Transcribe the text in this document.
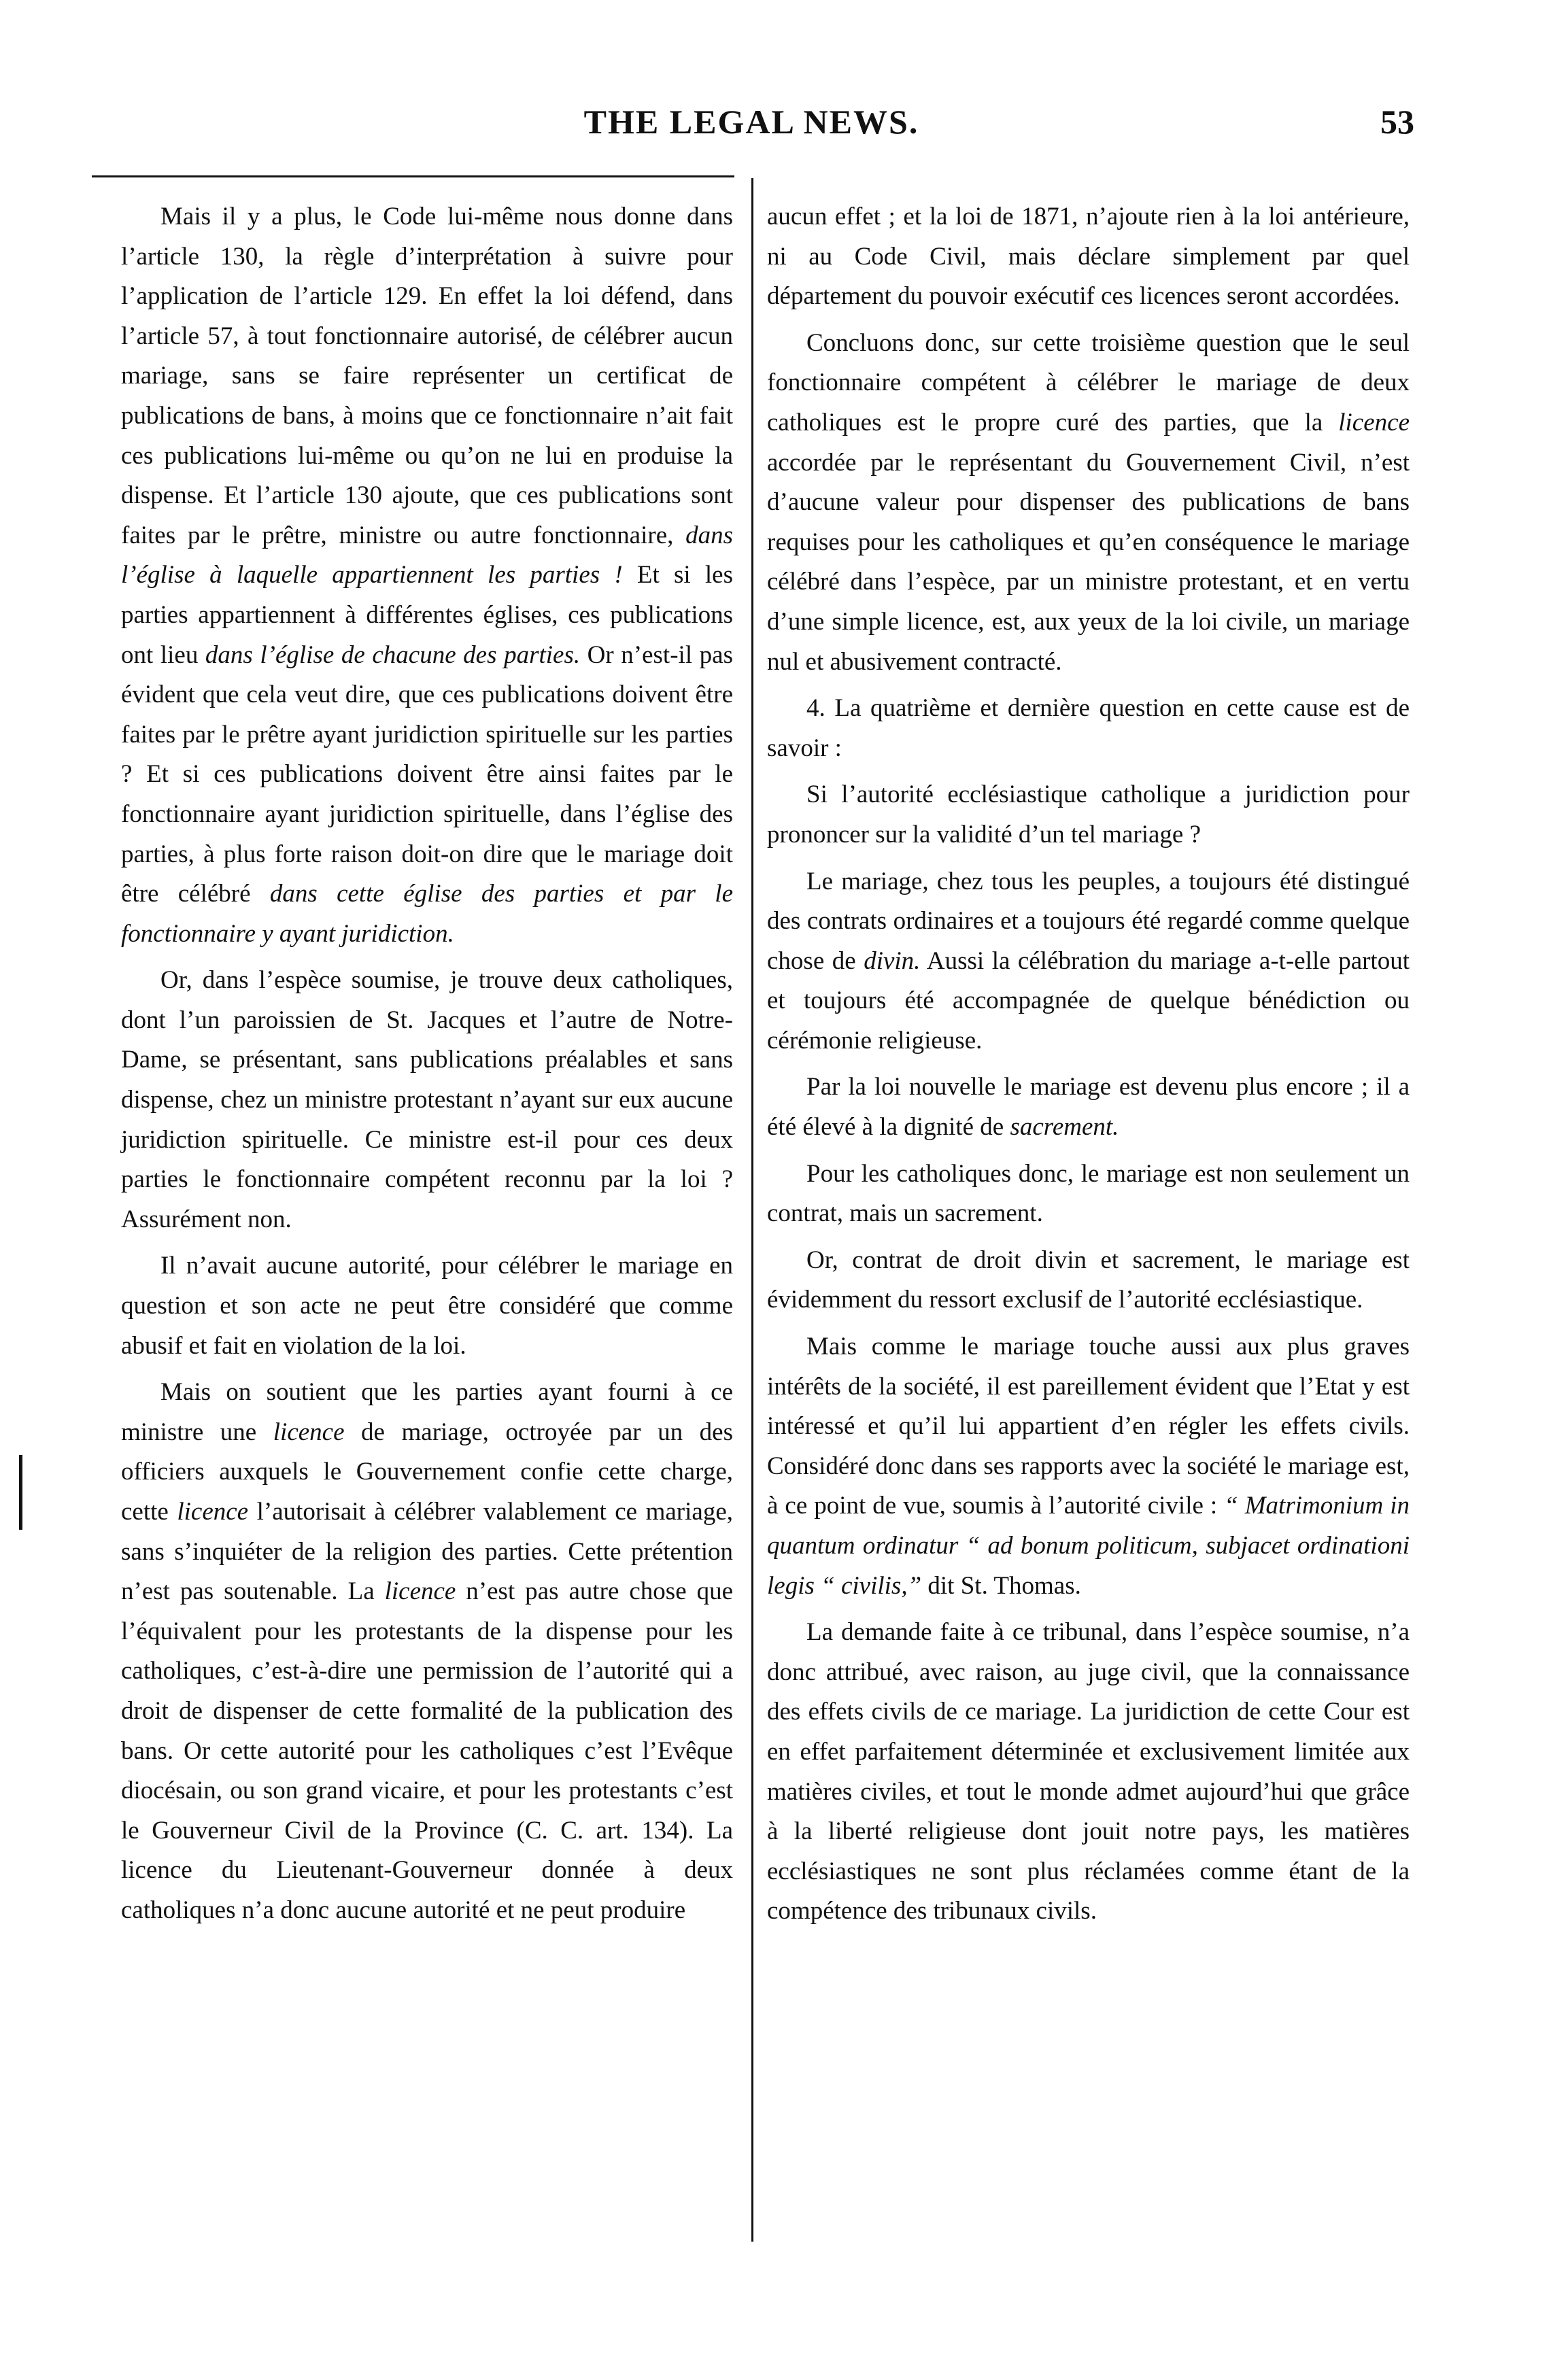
THE LEGAL NEWS.	53

Mais il y a plus, le Code lui-même nous donne dans l’article 130, la règle d’interprétation à suivre pour l’application de l’article 129. En effet la loi défend, dans l’article 57, à tout fonctionnaire autorisé, de célébrer aucun mariage, sans se faire représenter un certificat de publications de bans, à moins que ce fonctionnaire n’ait fait ces publications lui-même ou qu’on ne lui en produise la dispense. Et l’article 130 ajoute, que ces publications sont faites par le prêtre, ministre ou autre fonctionnaire, dans l’église à laquelle appartiennent les parties ! Et si les parties appartiennent à différentes églises, ces publications ont lieu dans l’église de chacune des parties. Or n’est-il pas évident que cela veut dire, que ces publications doivent être faites par le prêtre ayant juridiction spirituelle sur les parties ? Et si ces publications doivent être ainsi faites par le fonctionnaire ayant juridiction spirituelle, dans l’église des parties, à plus forte raison doit-on dire que le mariage doit être célébré dans cette église des parties et par le fonctionnaire y ayant juridiction.

Or, dans l’espèce soumise, je trouve deux catholiques, dont l’un paroissien de St. Jacques et l’autre de Notre-Dame, se présentant, sans publications préalables et sans dispense, chez un ministre protestant n’ayant sur eux aucune juridiction spirituelle. Ce ministre est-il pour ces deux parties le fonctionnaire compétent reconnu par la loi ? Assurément non.

Il n’avait aucune autorité, pour célébrer le mariage en question et son acte ne peut être considéré que comme abusif et fait en violation de la loi.

Mais on soutient que les parties ayant fourni à ce ministre une licence de mariage, octroyée par un des officiers auxquels le Gouvernement confie cette charge, cette licence l’autorisait à célébrer valablement ce mariage, sans s’inquiéter de la religion des parties. Cette prétention n’est pas soutenable. La licence n’est pas autre chose que l’équivalent pour les protestants de la dispense pour les catholiques, c’est-à-dire une permission de l’autorité qui a droit de dispenser de cette formalité de la publication des bans. Or cette autorité pour les catholiques c’est l’Evêque diocésain, ou son grand vicaire, et pour les protestants c’est le Gouverneur Civil de la Province (C. C. art. 134). La licence du Lieutenant-Gouverneur donnée à deux catholiques n’a donc aucune autorité et ne peut produire

aucun effet ; et la loi de 1871, n’ajoute rien à la loi antérieure, ni au Code Civil, mais déclare simplement par quel département du pouvoir exécutif ces licences seront accordées.

Concluons donc, sur cette troisième question que le seul fonctionnaire compétent à célébrer le mariage de deux catholiques est le propre curé des parties, que la licence accordée par le représentant du Gouvernement Civil, n’est d’aucune valeur pour dispenser des publications de bans requises pour les catholiques et qu’en conséquence le mariage célébré dans l’espèce, par un ministre protestant, et en vertu d’une simple licence, est, aux yeux de la loi civile, un mariage nul et abusivement contracté.

4. La quatrième et dernière question en cette cause est de savoir :

Si l’autorité ecclésiastique catholique a juridiction pour prononcer sur la validité d’un tel mariage ?

Le mariage, chez tous les peuples, a toujours été distingué des contrats ordinaires et a toujours été regardé comme quelque chose de divin. Aussi la célébration du mariage a-t-elle partout et toujours été accompagnée de quelque bénédiction ou cérémonie religieuse.

Par la loi nouvelle le mariage est devenu plus encore ; il a été élevé à la dignité de sacrement.

Pour les catholiques donc, le mariage est non seulement un contrat, mais un sacrement.

Or, contrat de droit divin et sacrement, le mariage est évidemment du ressort exclusif de l’autorité ecclésiastique.

Mais comme le mariage touche aussi aux plus graves intérêts de la société, il est pareillement évident que l’Etat y est intéressé et qu’il lui appartient d’en régler les effets civils. Considéré donc dans ses rapports avec la société le mariage est, à ce point de vue, soumis à l’autorité civile : “ Matrimonium in quantum ordinatur “ ad bonum politicum, subjacet ordinationi legis “ civilis,” dit St. Thomas.

La demande faite à ce tribunal, dans l’espèce soumise, n’a donc attribué, avec raison, au juge civil, que la connaissance des effets civils de ce mariage. La juridiction de cette Cour est en effet parfaitement déterminée et exclusivement limitée aux matières civiles, et tout le monde admet aujourd’hui que grâce à la liberté religieuse dont jouit notre pays, les matières ecclésiastiques ne sont plus réclamées comme étant de la compétence des tribunaux civils.
